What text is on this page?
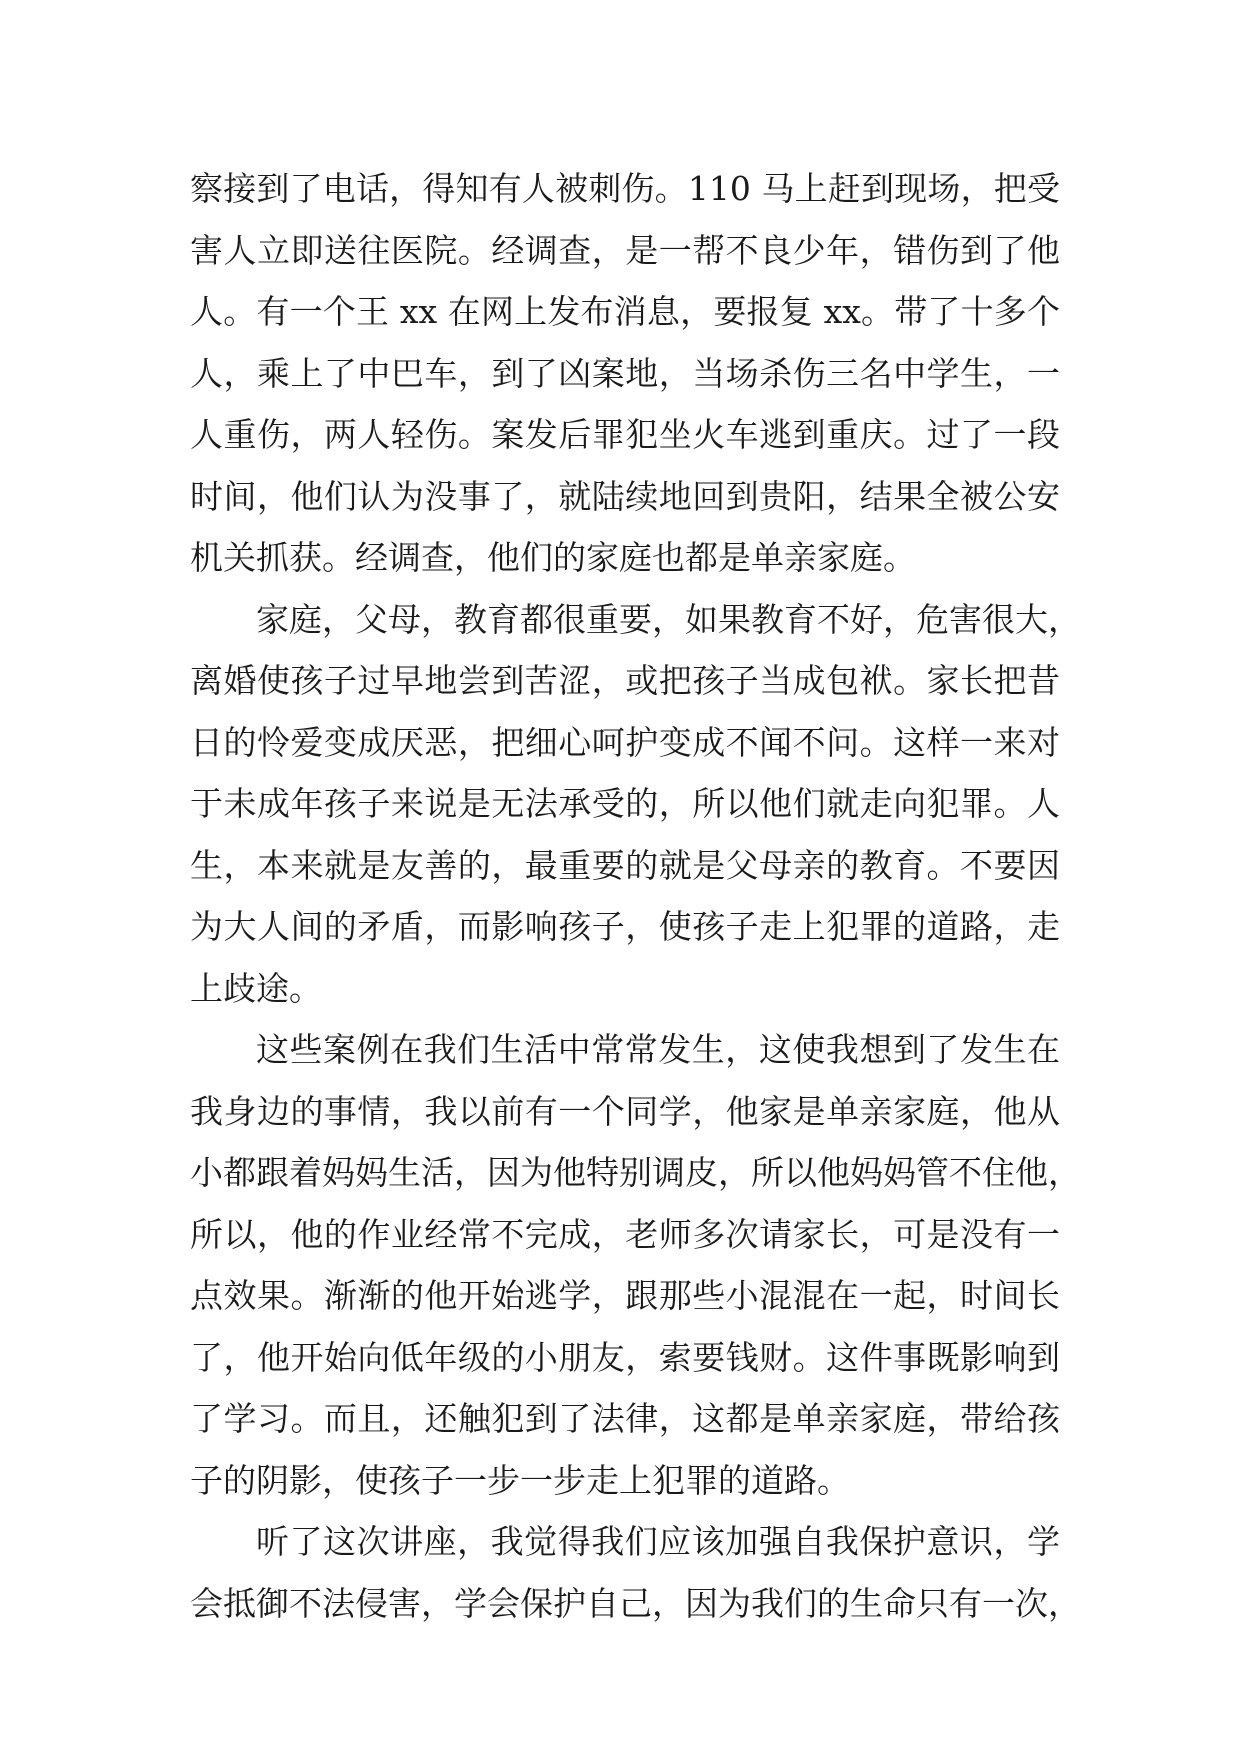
察接到了电话，得知有人被刺伤。110 马上赶到现场，把受
害人立即送往医院。经调查，是一帮不良少年，错伤到了他
人。有一个王 xx 在网上发布消息，要报复 xx。带了十多个
人，乘上了中巴车，到了凶案地，当场杀伤三名中学生，一
人重伤，两人轻伤。案发后罪犯坐火车逃到重庆。过了一段
时间，他们认为没事了，就陆续地回到贵阳，结果全被公安
机关抓获。经调查，他们的家庭也都是单亲家庭。

家庭，父母，教育都很重要，如果教育不好，危害很大，
离婚使孩子过早地尝到苦涩，或把孩子当成包袱。家长把昔
日的怜爱变成厌恶，把细心呵护变成不闻不问。这样一来对
于未成年孩子来说是无法承受的，所以他们就走向犯罪。人
生，本来就是友善的，最重要的就是父母亲的教育。不要因
为大人间的矛盾，而影响孩子，使孩子走上犯罪的道路，走
上歧途。

这些案例在我们生活中常常发生，这使我想到了发生在
我身边的事情，我以前有一个同学，他家是单亲家庭，他从
小都跟着妈妈生活，因为他特别调皮，所以他妈妈管不住他，
所以，他的作业经常不完成，老师多次请家长，可是没有一
点效果。渐渐的他开始逃学，跟那些小混混在一起，时间长
了，他开始向低年级的小朋友，索要钱财。这件事既影响到
了学习。而且，还触犯到了法律，这都是单亲家庭，带给孩
子的阴影，使孩子一步一步走上犯罪的道路。

听了这次讲座，我觉得我们应该加强自我保护意识，学
会抵御不法侵害，学会保护自己，因为我们的生命只有一次，
